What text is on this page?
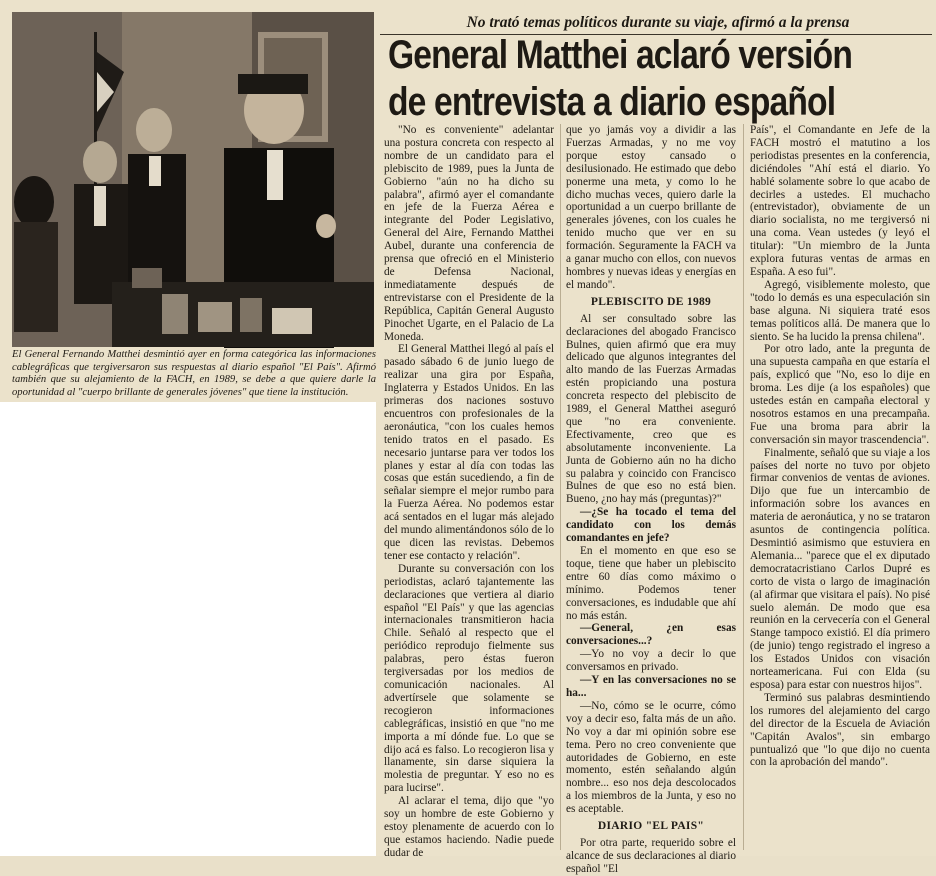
El General Fernando Matthei desmintió ayer en forma categórica las informaciones cablegráficas que tergiversaron sus respuestas al diario español "El País". Afirmó también que su alejamiento de la FACH, en 1989, se debe a que quiere darle la oportunidad al "cuerpo brillante de generales jóvenes" que tiene la institución.

No trató temas políticos durante su viaje, afirmó a la prensa

General Matthei aclaró versión
de entrevista a diario español

"No es conveniente" adelantar una postura concreta con respecto al nombre de un candidato para el plebiscito de 1989, pues la Junta de Gobierno "aún no ha dicho su palabra", afirmó ayer el comandante en jefe de la Fuerza Aérea e integrante del Poder Legislativo, General del Aire, Fernando Matthei Aubel, durante una conferencia de prensa que ofreció en el Ministerio de Defensa Nacional, inmediatamente después de entrevistarse con el Presidente de la República, Capitán General Augusto Pinochet Ugarte, en el Palacio de La Moneda.

El General Matthei llegó al país el pasado sábado 6 de junio luego de realizar una gira por España, Inglaterra y Estados Unidos. En las primeras dos naciones sostuvo encuentros con profesionales de la aeronáutica, "con los cuales hemos tenido tratos en el pasado. Es necesario juntarse para ver todos los planes y estar al día con todas las cosas que están sucediendo, a fin de señalar siempre el mejor rumbo para la Fuerza Aérea. No podemos estar acá sentados en el lugar más alejado del mundo alimentándonos sólo de lo que dicen las revistas. Debemos tener ese contacto y relación".

Durante su conversación con los periodistas, aclaró tajantemente las declaraciones que vertiera al diario español "El País" y que las agencias internacionales transmitieron hacia Chile. Señaló al respecto que el periódico reprodujo fielmente sus palabras, pero éstas fueron tergiversadas por los medios de comunicación nacionales. Al advertírsele que solamente se recogieron informaciones cablegráficas, insistió en que "no me importa a mí dónde fue. Lo que se dijo acá es falso. Lo recogieron lisa y llanamente, sin darse siquiera la molestia de preguntar. Y eso no es para lucirse".

Al aclarar el tema, dijo que "yo soy un hombre de este Gobierno y estoy plenamente de acuerdo con lo que estamos haciendo. Nadie puede dudar de

que yo jamás voy a dividir a las Fuerzas Armadas, y no me voy porque estoy cansado o desilusionado. He estimado que debo ponerme una meta, y como lo he dicho muchas veces, quiero darle la oportunidad a un cuerpo brillante de generales jóvenes, con los cuales he tenido mucho que ver en su formación. Seguramente la FACH va a ganar mucho con ellos, con nuevos hombres y nuevas ideas y energías en el mando".

PLEBISCITO DE 1989

Al ser consultado sobre las declaraciones del abogado Francisco Bulnes, quien afirmó que era muy delicado que algunos integrantes del alto mando de las Fuerzas Armadas estén propiciando una postura concreta respecto del plebiscito de 1989, el General Matthei aseguró que "no era conveniente. Efectivamente, creo que es absolutamente inconveniente. La Junta de Gobierno aún no ha dicho su palabra y coincido con Francisco Bulnes de que eso no está bien. Bueno, ¿no hay más (preguntas)?"

—¿Se ha tocado el tema del candidato con los demás comandantes en jefe?

En el momento en que eso se toque, tiene que haber un plebiscito entre 60 días como máximo o mínimo. Podemos tener conversaciones, es indudable que ahí no más están.

—General, ¿en esas conversaciones...?

—Yo no voy a decir lo que conversamos en privado.

—Y en las conversaciones no se ha...

—No, cómo se le ocurre, cómo voy a decir eso, falta más de un año. No voy a dar mi opinión sobre ese tema. Pero no creo conveniente que autoridades de Gobierno, en este momento, estén señalando algún nombre... eso nos deja descolocados a los miembros de la Junta, y eso no es aceptable.

DIARIO "EL PAIS"

Por otra parte, requerido sobre el alcance de sus declaraciones al diario español "El

País", el Comandante en Jefe de la FACH mostró el matutino a los periodistas presentes en la conferencia, diciéndoles "Ahí está el diario. Yo hablé solamente sobre lo que acabo de decirles a ustedes. El muchacho (entrevistador), obviamente de un diario socialista, no me tergiversó ni una coma. Vean ustedes (y leyó el titular): "Un miembro de la Junta explora futuras ventas de armas en España. A eso fui".

Agregó, visiblemente molesto, que "todo lo demás es una especulación sin base alguna. Ni siquiera traté esos temas políticos allá. De manera que lo siento. Se ha lucido la prensa chilena".

Por otro lado, ante la pregunta de una supuesta campaña en que estaría el país, explicó que "No, eso lo dije en broma. Les dije (a los españoles) que ustedes están en campaña electoral y nosotros estamos en una precampaña. Fue una broma para abrir la conversación sin mayor trascendencia".

Finalmente, señaló que su viaje a los países del norte no tuvo por objeto firmar convenios de ventas de aviones. Dijo que fue un intercambio de información sobre los avances en materia de aeronáutica, y no se trataron asuntos de contingencia política. Desmintió asimismo que estuviera en Alemania... "parece que el ex diputado democratacristiano Carlos Dupré es corto de vista o largo de imaginación (al afirmar que visitara el país). No pisé suelo alemán. De modo que esa reunión en la cervecería con el General Stange tampoco existió. El día primero (de junio) tengo registrado el ingreso a los Estados Unidos con visación norteamericana. Fui con Elda (su esposa) para estar con nuestros hijos".

Terminó sus palabras desmintiendo los rumores del alejamiento del cargo del director de la Escuela de Aviación "Capitán Avalos", sin embargo puntualizó que "lo que dijo no cuenta con la aprobación del mando".
